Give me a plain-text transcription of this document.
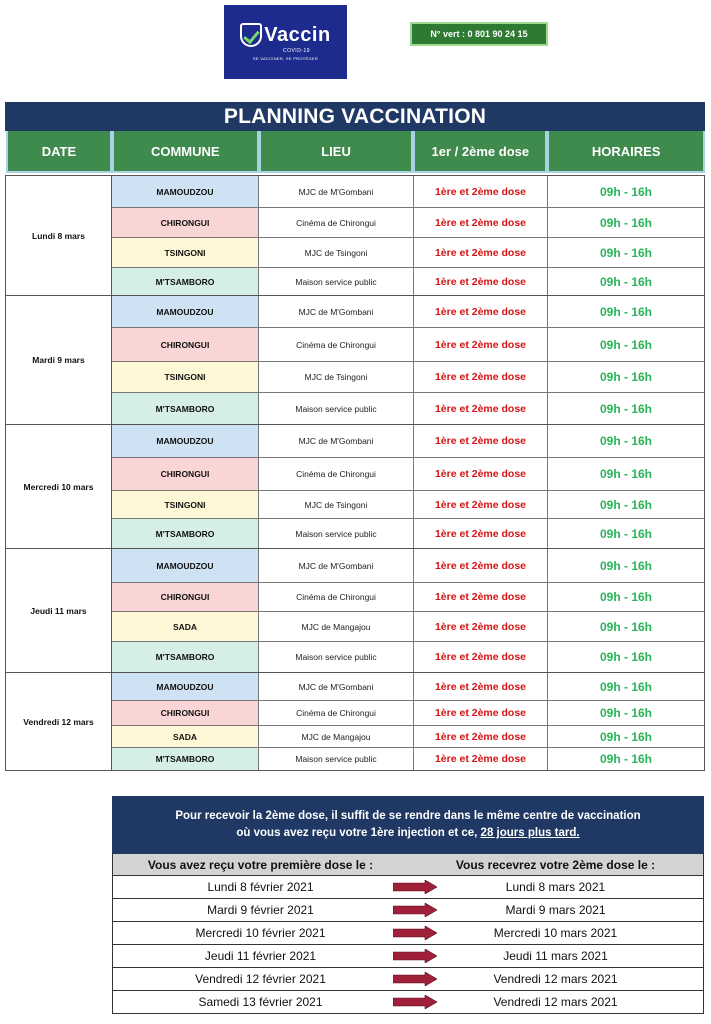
Vaccin
COVID-19
SE VACCINER, SE PROTÉGER
N° vert : 0 801 90 24 15
PLANNING VACCINATION
DATE	COMMUNE	LIEU	1er / 2ème dose	HORAIRES
Lundi 8 mars
MAMOUDZOU	MJC de M'Gombani	1ère et 2ème dose	09h - 16h
CHIRONGUI	Cinéma de Chirongui	1ère et 2ème dose	09h - 16h
TSINGONI	MJC de Tsingoni	1ère et 2ème dose	09h - 16h
M'TSAMBORO	Maison service public	1ère et 2ème dose	09h - 16h
Mardi 9 mars
MAMOUDZOU	MJC de M'Gombani	1ère et 2ème dose	09h - 16h
CHIRONGUI	Cinéma de Chirongui	1ère et 2ème dose	09h - 16h
TSINGONI	MJC de Tsingoni	1ère et 2ème dose	09h - 16h
M'TSAMBORO	Maison service public	1ère et 2ème dose	09h - 16h
Mercredi 10 mars
MAMOUDZOU	MJC de M'Gombani	1ère et 2ème dose	09h - 16h
CHIRONGUI	Cinéma de Chirongui	1ère et 2ème dose	09h - 16h
TSINGONI	MJC de Tsingoni	1ère et 2ème dose	09h - 16h
M'TSAMBORO	Maison service public	1ère et 2ème dose	09h - 16h
Jeudi 11 mars
MAMOUDZOU	MJC de M'Gombani	1ère et 2ème dose	09h - 16h
CHIRONGUI	Cinéma de Chirongui	1ère et 2ème dose	09h - 16h
SADA	MJC de Mangajou	1ère et 2ème dose	09h - 16h
M'TSAMBORO	Maison service public	1ère et 2ème dose	09h - 16h
Vendredi 12 mars
MAMOUDZOU	MJC de M'Gombani	1ère et 2ème dose	09h - 16h
CHIRONGUI	Cinéma de Chirongui	1ère et 2ème dose	09h - 16h
SADA	MJC de Mangajou	1ère et 2ème dose	09h - 16h
M'TSAMBORO	Maison service public	1ère et 2ème dose	09h - 16h
Pour recevoir la 2ème dose, il suffit de se rendre dans le même centre de vaccination
où vous avez reçu votre 1ère injection et ce, 28 jours plus tard.
Vous avez reçu votre première dose le :	Vous recevrez votre 2ème dose le :
Lundi 8 février 2021	Lundi 8 mars 2021
Mardi 9 février 2021	Mardi 9 mars 2021
Mercredi 10 février 2021	Mercredi 10 mars 2021
Jeudi 11 février 2021	Jeudi 11 mars 2021
Vendredi 12 février 2021	Vendredi 12 mars 2021
Samedi 13 février 2021	Vendredi 12 mars 2021
